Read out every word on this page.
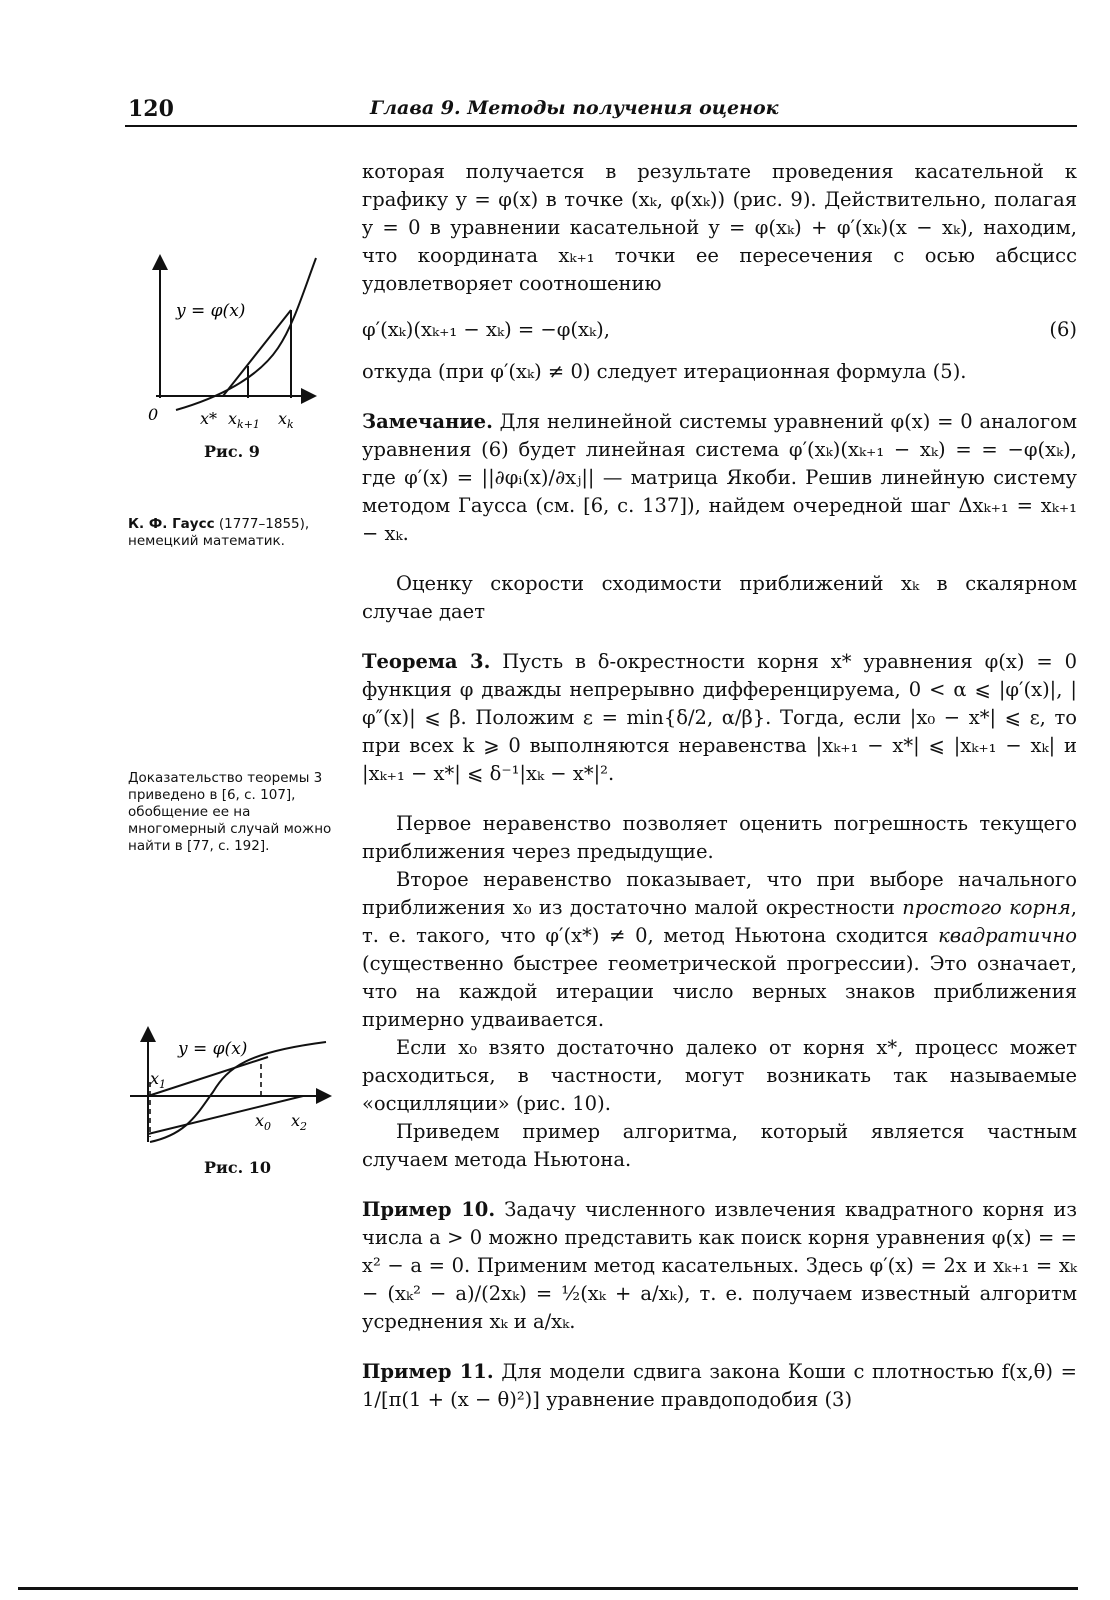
120	Глава 9. Методы получения оценок
y = φ(x)
0	x* $x_{k+1}$ $x_k$
Рис. 9
К. Ф. Гаусс (1777–1855), немецкий математик.
Доказательство теоремы 3 приведено в [6, с. 107], обобщение ее на многомерный случай можно найти в [77, с. 192].
y = φ(x)
$x_1$
$x_0$ $x_2$
Рис. 10

которая получается в результате проведения касательной к графику y = φ(x) в точке (xₖ, φ(xₖ)) (рис. 9). Действительно, полагая y = 0 в уравнении касательной y = φ(xₖ) + φ′(xₖ)(x − xₖ), находим, что координата xₖ₊₁ точки ее пересечения с осью абсцисс удовлетворяет соотношению

φ′(xₖ)(xₖ₊₁ − xₖ) = −φ(xₖ),	(6)

откуда (при φ′(xₖ) ≠ 0) следует итерационная формула (5).

Замечание. Для нелинейной системы уравнений φ(x) = 0 аналогом уравнения (6) будет линейная система φ′(xₖ)(xₖ₊₁ − xₖ) = = −φ(xₖ), где φ′(x) = ||∂φᵢ(x)/∂xⱼ|| — матрица Якоби. Решив линейную систему методом Гаусса (см. [6, с. 137]), найдем очередной шаг Δxₖ₊₁ = xₖ₊₁ − xₖ.

Оценку скорости сходимости приближений xₖ в скалярном случае дает

Теорема 3. Пусть в δ-окрестности корня x* уравнения φ(x) = 0 функция φ дважды непрерывно дифференцируема, 0 < α ⩽ |φ′(x)|, |φ″(x)| ⩽ β. Положим ε = min{δ/2, α/β}. Тогда, если |x₀ − x*| ⩽ ε, то при всех k ⩾ 0 выполняются неравенства |xₖ₊₁ − x*| ⩽ |xₖ₊₁ − xₖ| и |xₖ₊₁ − x*| ⩽ δ⁻¹|xₖ − x*|².

Первое неравенство позволяет оценить погрешность текущего приближения через предыдущие.

Второе неравенство показывает, что при выборе начального приближения x₀ из достаточно малой окрестности простого корня, т. е. такого, что φ′(x*) ≠ 0, метод Ньютона сходится квадратично (существенно быстрее геометрической прогрессии). Это означает, что на каждой итерации число верных знаков приближения примерно удваивается.

Если x₀ взято достаточно далеко от корня x*, процесс может расходиться, в частности, могут возникать так называемые «осцилляции» (рис. 10).

Приведем пример алгоритма, который является частным случаем метода Ньютона.

Пример 10. Задачу численного извлечения квадратного корня из числа a > 0 можно представить как поиск корня уравнения φ(x) = = x² − a = 0. Применим метод касательных. Здесь φ′(x) = 2x и xₖ₊₁ = xₖ − (xₖ² − a)/(2xₖ) = ½(xₖ + a/xₖ), т. е. получаем известный алгоритм усреднения xₖ и a/xₖ.

Пример 11. Для модели сдвига закона Коши с плотностью f(x,θ) = 1/[π(1 + (x − θ)²)] уравнение правдоподобия (3)
